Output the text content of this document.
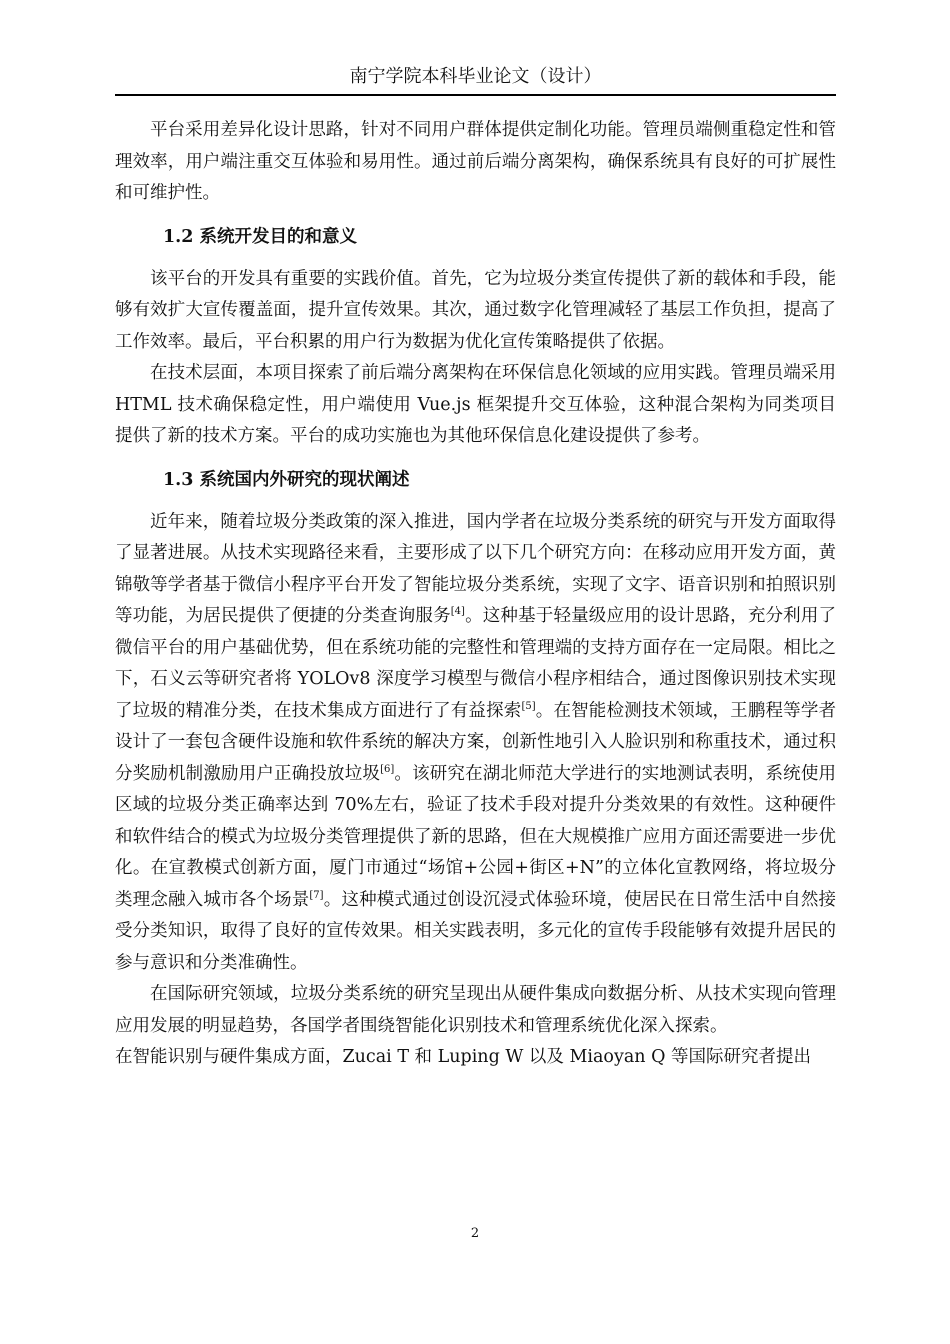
南宁学院本科毕业论文（设计）

平台采用差异化设计思路，针对不同用户群体提供定制化功能。管理员端侧重稳定性和管理效率，用户端注重交互体验和易用性。通过前后端分离架构，确保系统具有良好的可扩展性和可维护性。

1.2 系统开发目的和意义

该平台的开发具有重要的实践价值。首先，它为垃圾分类宣传提供了新的载体和手段，能够有效扩大宣传覆盖面，提升宣传效果。其次，通过数字化管理减轻了基层工作负担，提高了工作效率。最后，平台积累的用户行为数据为优化宣传策略提供了依据。

在技术层面，本项目探索了前后端分离架构在环保信息化领域的应用实践。管理员端采用 HTML 技术确保稳定性，用户端使用 Vue.js 框架提升交互体验，这种混合架构为同类项目提供了新的技术方案。平台的成功实施也为其他环保信息化建设提供了参考。

1.3 系统国内外研究的现状阐述

近年来，随着垃圾分类政策的深入推进，国内学者在垃圾分类系统的研究与开发方面取得了显著进展。从技术实现路径来看，主要形成了以下几个研究方向：在移动应用开发方面，黄锦敬等学者基于微信小程序平台开发了智能垃圾分类系统，实现了文字、语音识别和拍照识别等功能，为居民提供了便捷的分类查询服务[4]。这种基于轻量级应用的设计思路，充分利用了微信平台的用户基础优势，但在系统功能的完整性和管理端的支持方面存在一定局限。相比之下，石义云等研究者将 YOLOv8 深度学习模型与微信小程序相结合，通过图像识别技术实现了垃圾的精准分类，在技术集成方面进行了有益探索[5]。在智能检测技术领域，王鹏程等学者设计了一套包含硬件设施和软件系统的解决方案，创新性地引入人脸识别和称重技术，通过积分奖励机制激励用户正确投放垃圾[6]。该研究在湖北师范大学进行的实地测试表明，系统使用区域的垃圾分类正确率达到 70%左右，验证了技术手段对提升分类效果的有效性。这种硬件和软件结合的模式为垃圾分类管理提供了新的思路，但在大规模推广应用方面还需要进一步优化。在宣教模式创新方面，厦门市通过“场馆+公园+街区+N”的立体化宣教网络，将垃圾分类理念融入城市各个场景[7]。这种模式通过创设沉浸式体验环境，使居民在日常生活中自然接受分类知识，取得了良好的宣传效果。相关实践表明，多元化的宣传手段能够有效提升居民的参与意识和分类准确性。

在国际研究领域，垃圾分类系统的研究呈现出从硬件集成向数据分析、从技术实现向管理应用发展的明显趋势，各国学者围绕智能化识别技术和管理系统优化深入探索。

在智能识别与硬件集成方面，Zucai T 和 Luping W 以及 Miaoyan Q 等国际研究者提出

2
